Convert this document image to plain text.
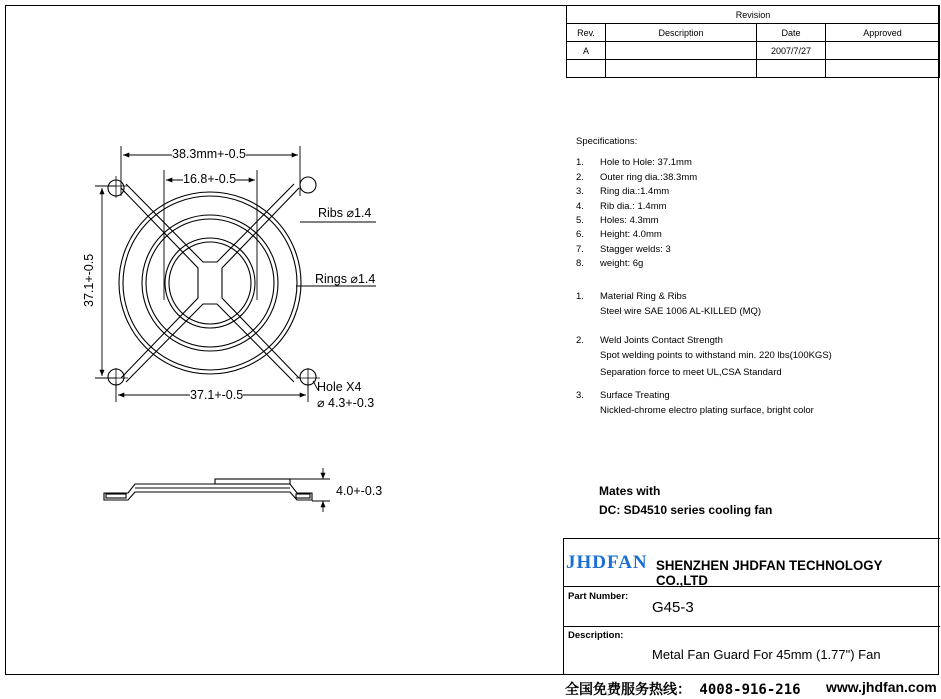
Revision			
Rev.	Description	Date	Approved
A		2007/7/27	

Specifications:
1. Hole to Hole: 37.1mm
2. Outer ring dia.:38.3mm
3. Ring dia.:1.4mm
4. Rib dia.: 1.4mm
5. Holes: 4.3mm
6. Height: 4.0mm
7. Stagger welds: 3
8. weight: 6g
1. Material Ring & Ribs
Steel wire SAE 1006 AL-KILLED (MQ)
2. Weld Joints Contact Strength
Spot welding points to withstand min. 220 lbs(100KGS)
Separation force to meet UL,CSA Standard
3. Surface Treating
Nickled-chrome electro plating surface, bright color
Mates with
DC: SD4510 series cooling fan
JHDFAN SHENZHEN JHDFAN TECHNOLOGY CO.,LTD
Part Number:
G45-3
Description:
Metal Fan Guard For 45mm (1.77") Fan
38.3mm+-0.5
16.8+-0.5
Ribs ⌀1.4
Rings ⌀1.4
37.1+-0.5
37.1+-0.5
Hole X4
⌀ 4.3+-0.3
4.0+-0.3
全国免费服务热线： 4008-916-216 www.jhdfan.com
